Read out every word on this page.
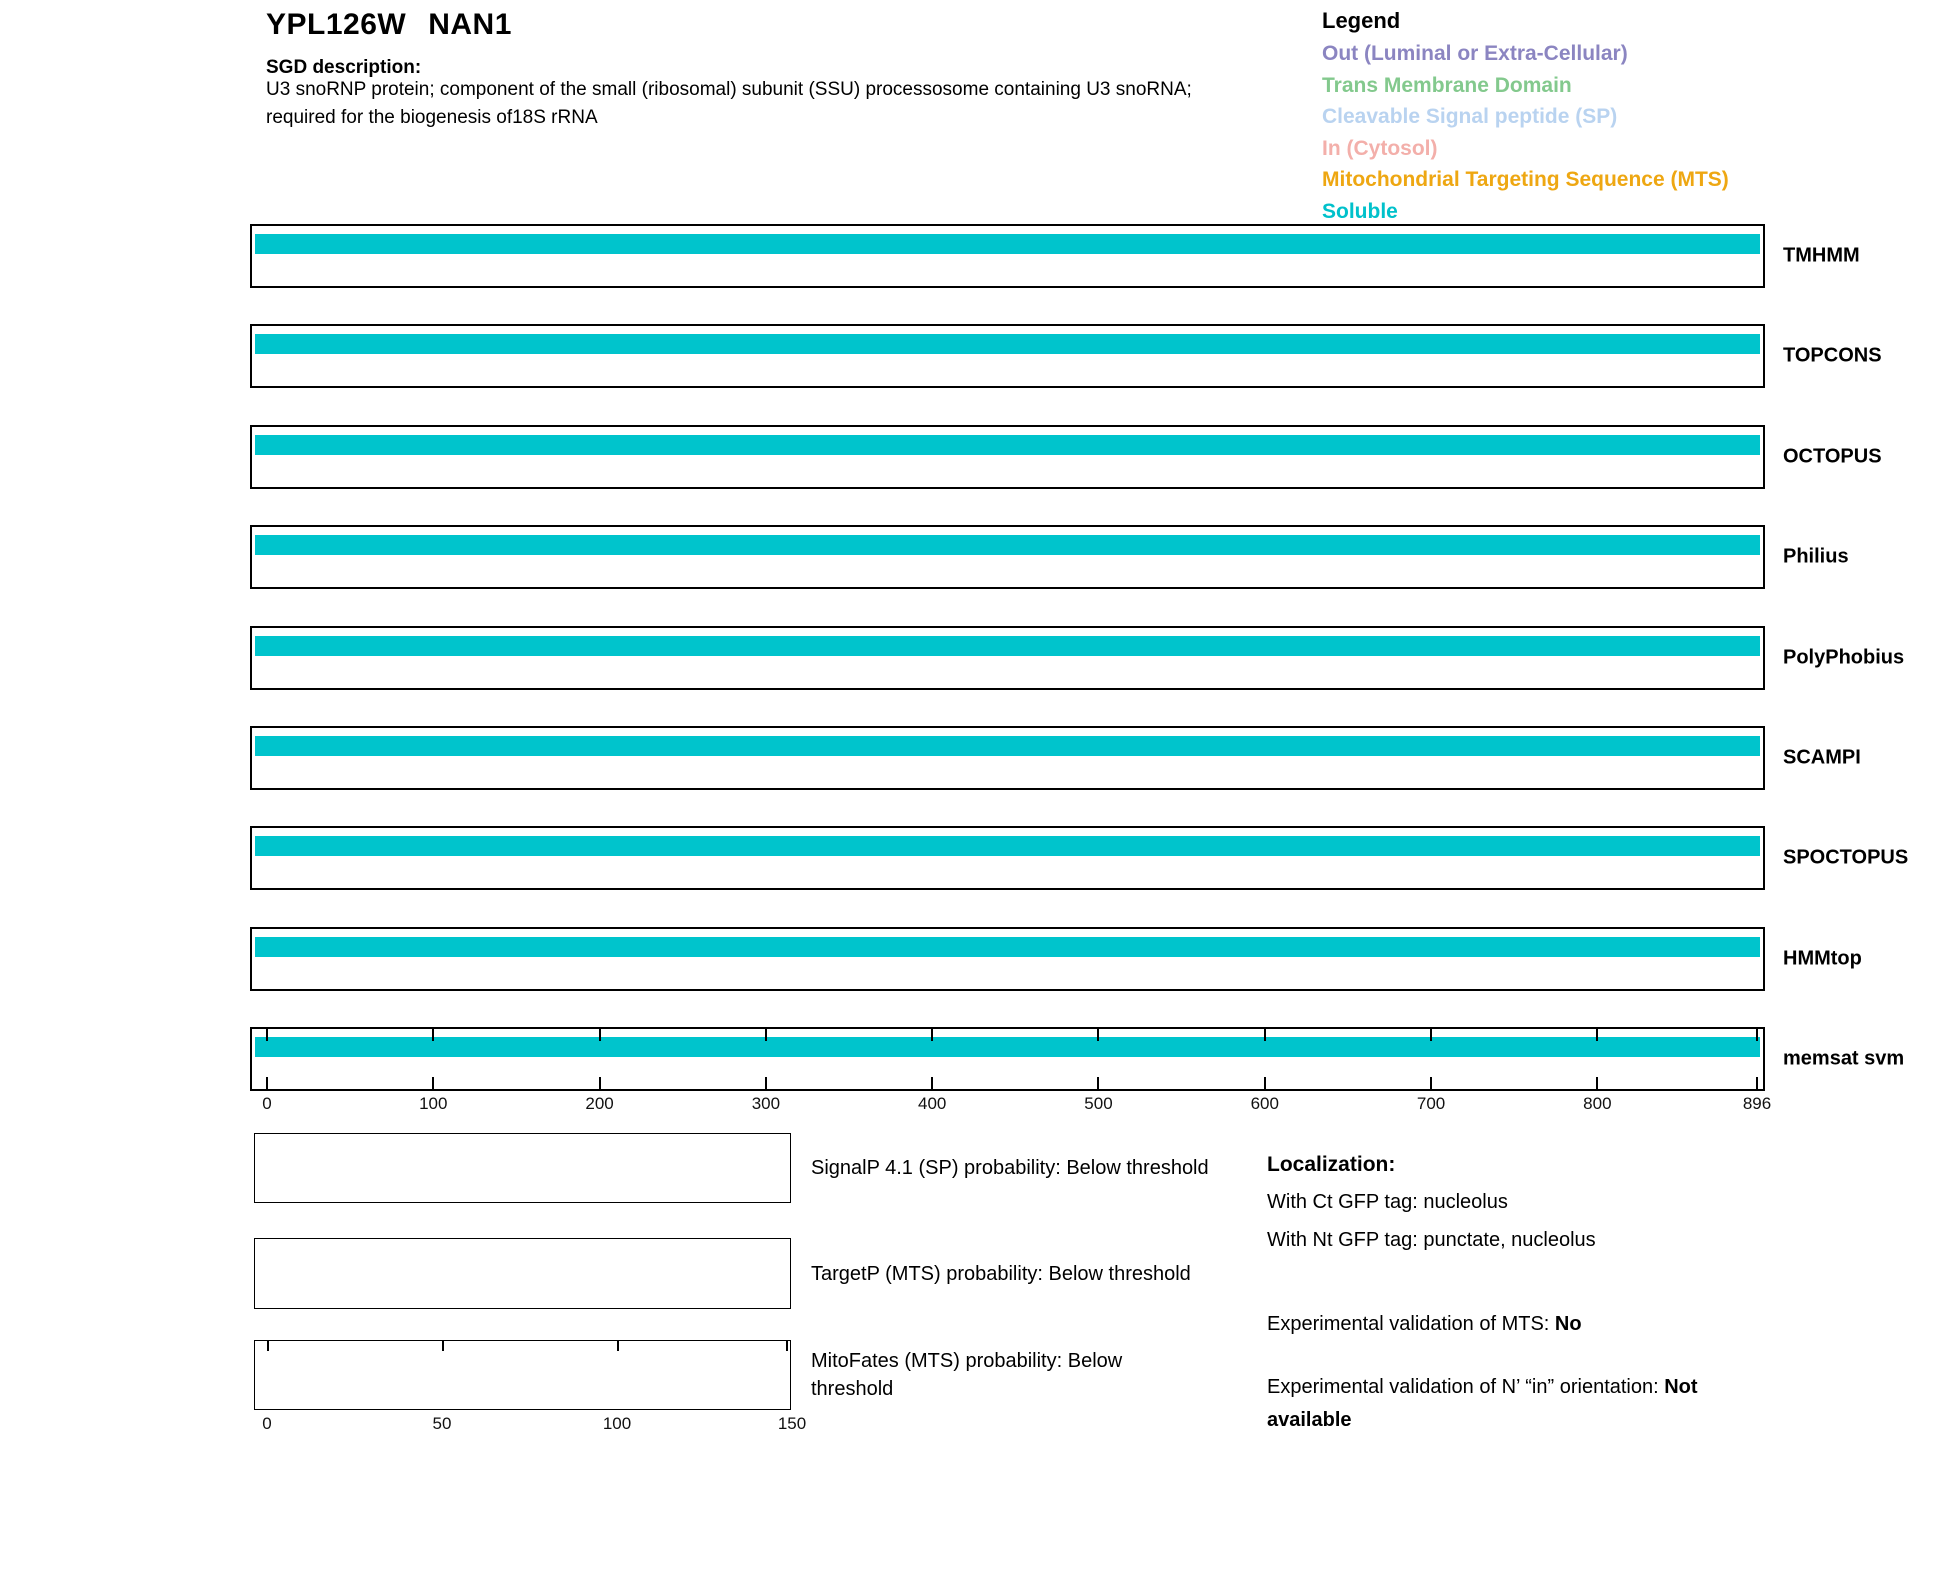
YPL126W NAN1
SGD description:
U3 snoRNP protein; component of the small (ribosomal) subunit (SSU) processosome containing U3 snoRNA;
required for the biogenesis of18S rRNA
Legend
Out (Luminal or Extra-Cellular)
Trans Membrane Domain
Cleavable Signal peptide (SP)
In (Cytosol)
Mitochondrial Targeting Sequence (MTS)
Soluble
TMHMM
TOPCONS
OCTOPUS
Philius
PolyPhobius
SCAMPI
SPOCTOPUS
HMMtop
memsat svm
0	100	200	300	400	500	600	700	800	896
SignalP 4.1 (SP) probability: Below threshold
TargetP (MTS) probability: Below threshold
MitoFates (MTS) probability: Below
threshold
0	50	100	150
Localization:
With Ct GFP tag: nucleolus
With Nt GFP tag: punctate, nucleolus
Experimental validation of MTS: No
Experimental validation of N’ “in” orientation: Not available
